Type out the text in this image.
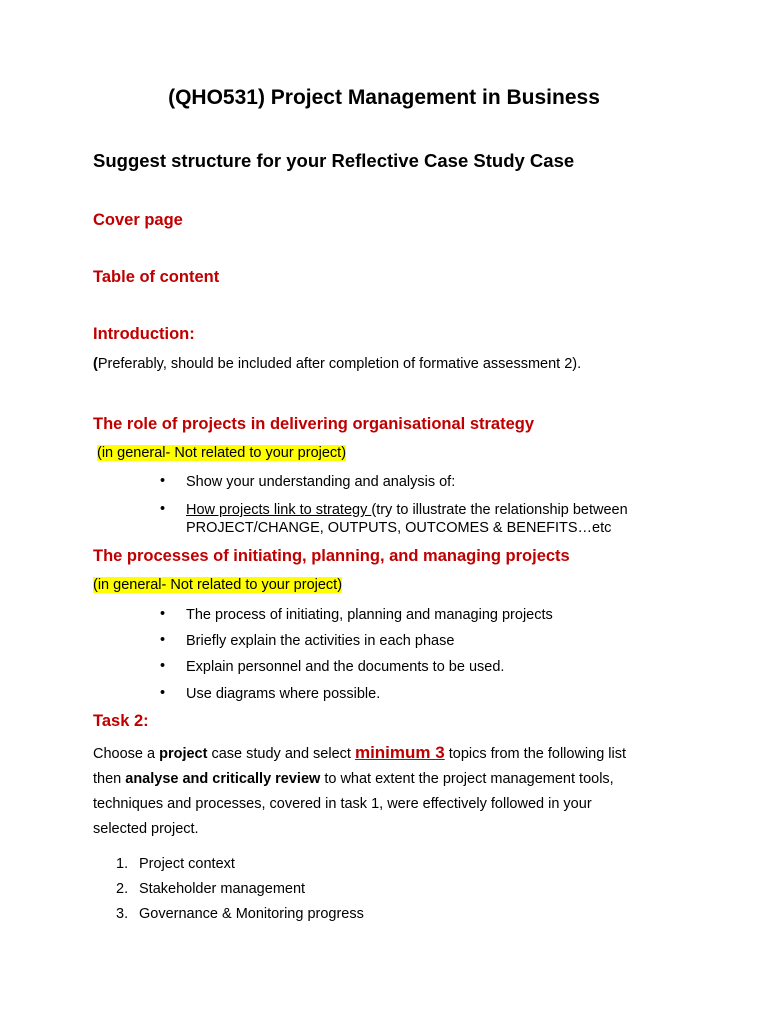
(QHO531) Project Management in Business
Suggest structure for your Reflective Case Study Case
Cover page
Table of content
Introduction:
(Preferably, should be included after completion of formative assessment 2).
The role of projects in delivering organisational strategy
(in general- Not related to your project)
• Show your understanding and analysis of:
• How projects link to strategy (try to illustrate the relationship between
PROJECT/CHANGE, OUTPUTS, OUTCOMES & BENEFITS…etc
The processes of initiating, planning, and managing projects
(in general- Not related to your project)
• The process of initiating, planning and managing projects
• Briefly explain the activities in each phase
• Explain personnel and the documents to be used.
• Use diagrams where possible.
Task 2:
Choose a project case study and select minimum 3 topics from the following list
then analyse and critically review to what extent the project management tools,
techniques and processes, covered in task 1, were effectively followed in your
selected project.
1. Project context
2. Stakeholder management
3. Governance & Monitoring progress
